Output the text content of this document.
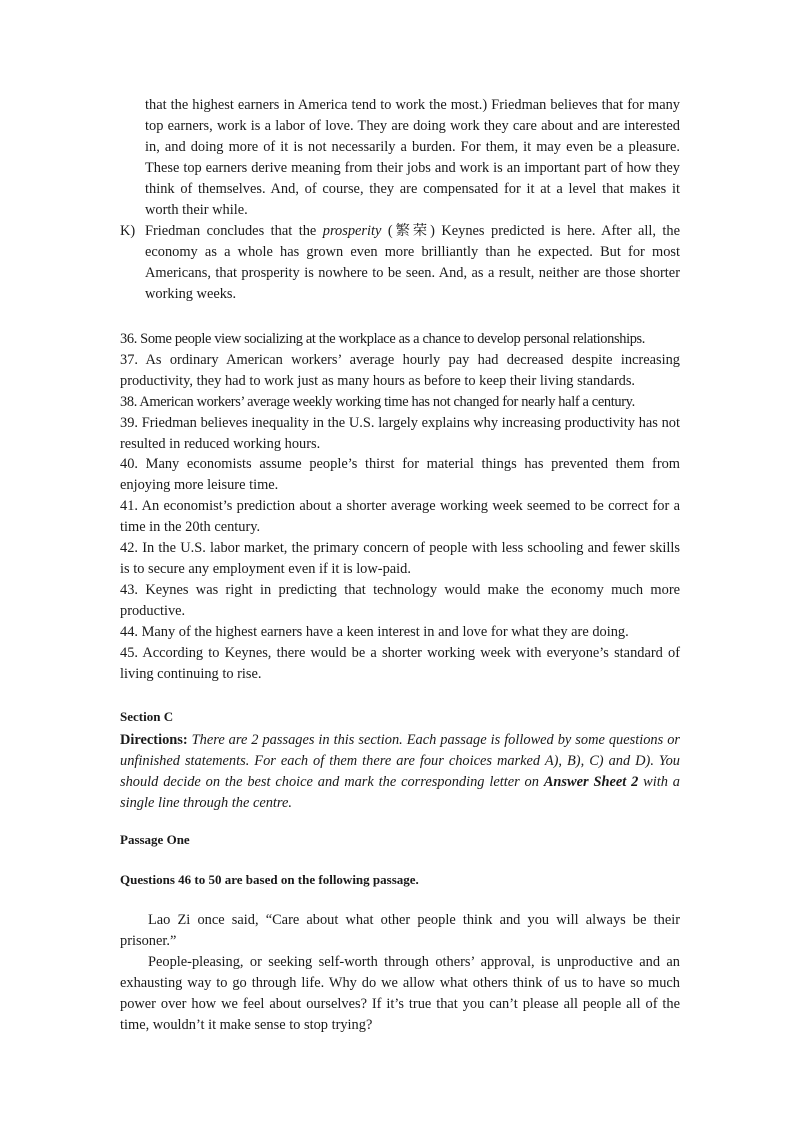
that the highest earners in America tend to work the most.) Friedman believes that for many top earners, work is a labor of love. They are doing work they care about and are interested in, and doing more of it is not necessarily a burden. For them, it may even be a pleasure. These top earners derive meaning from their jobs and work is an important part of how they think of themselves. And, of course, they are compensated for it at a level that makes it worth their while.

K) Friedman concludes that the prosperity (繁荣) Keynes predicted is here. After all, the economy as a whole has grown even more brilliantly than he expected. But for most Americans, that prosperity is nowhere to be seen. And, as a result, neither are those shorter working weeks.
36. Some people view socializing at the workplace as a chance to develop personal relationships.
37. As ordinary American workers’ average hourly pay had decreased despite increasing productivity, they had to work just as many hours as before to keep their living standards.
38. American workers’ average weekly working time has not changed for nearly half a century.
39. Friedman believes inequality in the U.S. largely explains why increasing productivity has not resulted in reduced working hours.
40. Many economists assume people’s thirst for material things has prevented them from enjoying more leisure time.
41. An economist’s prediction about a shorter average working week seemed to be correct for a time in the 20th century.
42. In the U.S. labor market, the primary concern of people with less schooling and fewer skills is to secure any employment even if it is low-paid.
43. Keynes was right in predicting that technology would make the economy much more productive.
44. Many of the highest earners have a keen interest in and love for what they are doing.
45. According to Keynes, there would be a shorter working week with everyone’s standard of living continuing to rise.

Section C

Directions: There are 2 passages in this section. Each passage is followed by some questions or unfinished statements. For each of them there are four choices marked A), B), C) and D). You should decide on the best choice and mark the corresponding letter on Answer Sheet 2 with a single line through the centre.

Passage One

Questions 46 to 50 are based on the following passage.

Lao Zi once said, “Care about what other people think and you will always be their prisoner.”

People-pleasing, or seeking self-worth through others’ approval, is unproductive and an exhausting way to go through life. Why do we allow what others think of us to have so much power over how we feel about ourselves? If it’s true that you can’t please all people all of the time, wouldn’t it make sense to stop trying?
